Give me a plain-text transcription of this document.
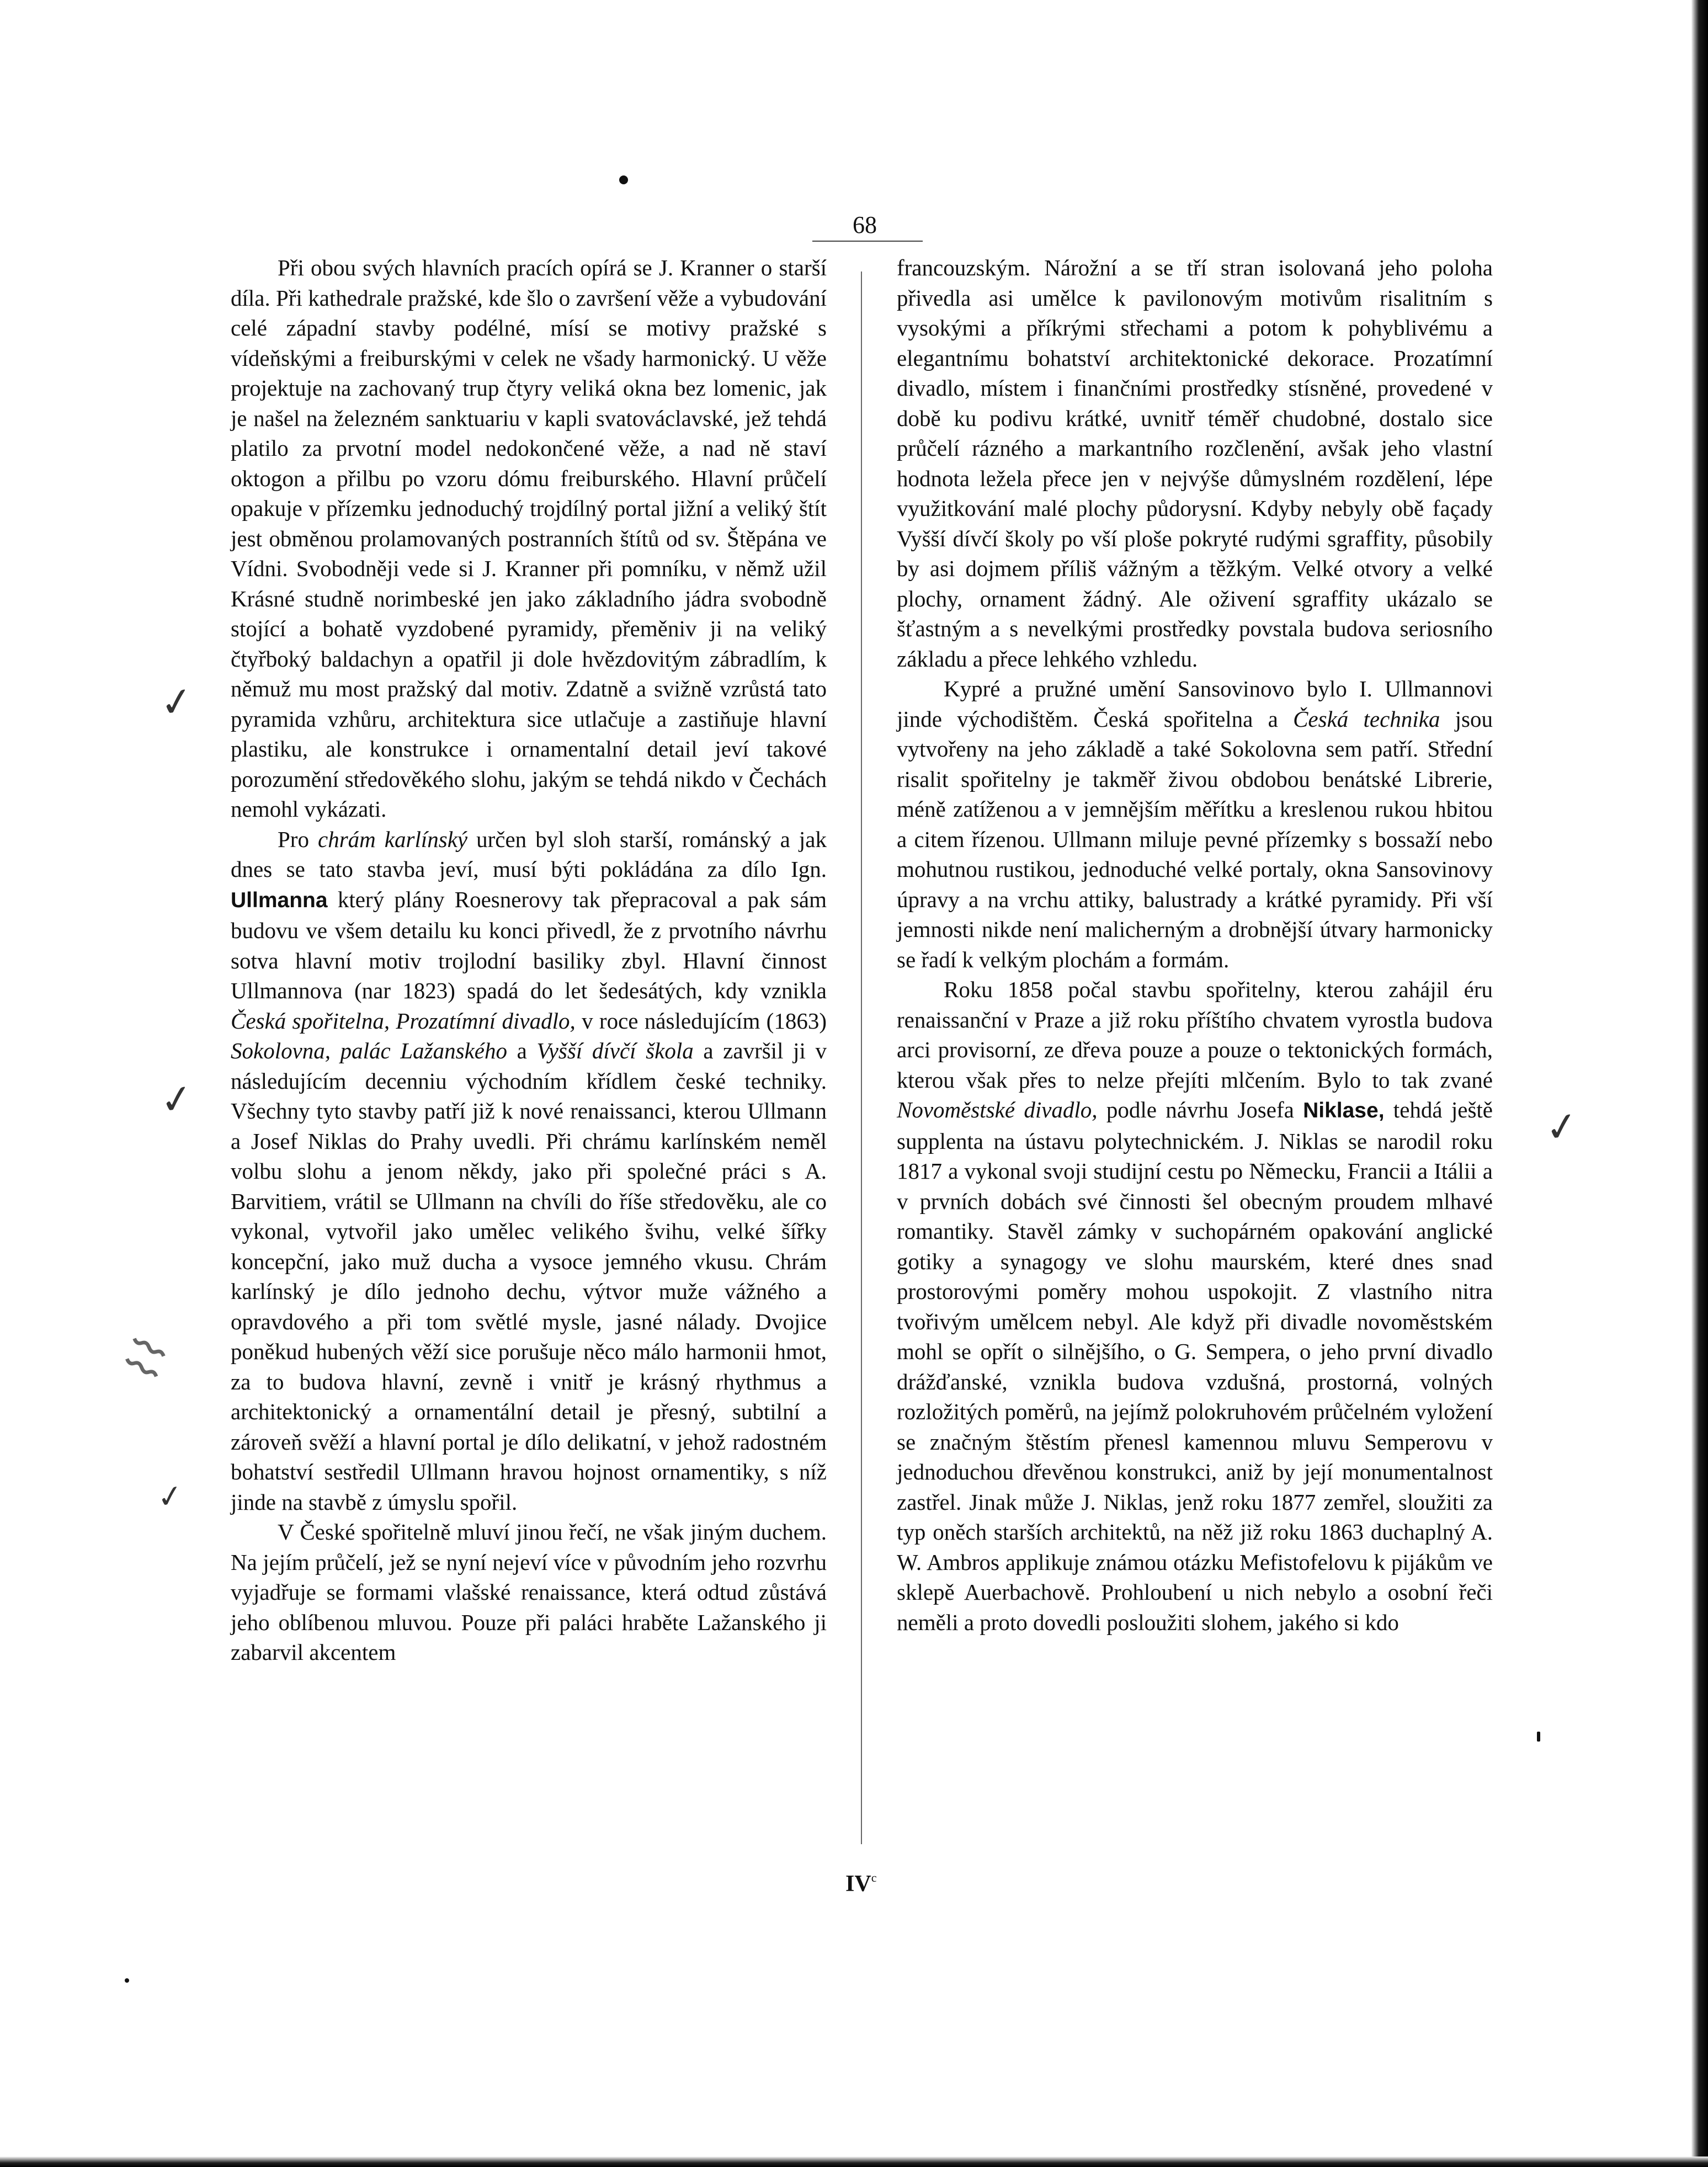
✓
✓
✓
✓
⌇⌇
68

Při obou svých hlavních pracích opírá se J. Kranner o starší díla. Při kathedrale pražské, kde šlo o završení věže a vybudování celé západní stavby podélné, mísí se motivy pražské s vídeňskými a freiburskými v celek ne všady harmonický. U věže projektuje na zachovaný trup čtyry veliká okna bez lomenic, jak je našel na železném sanktuariu v kapli svatováclavské, jež tehdá platilo za prvotní model nedokončené věže, a nad ně staví oktogon a přilbu po vzoru dómu freiburského. Hlavní průčelí opakuje v přízemku jednoduchý trojdílný portal jižní a veliký štít jest obměnou prolamovaných postranních štítů od sv. Štěpána ve Vídni. Svobodněji vede si J. Kranner při pomníku, v němž užil Krásné studně norimbeské jen jako základního jádra svobodně stojící a bohatě vyzdobené pyramidy, přeměniv ji na veliký čtyřboký baldachyn a opatřil ji dole hvězdovitým zábradlím, k němuž mu most pražský dal motiv. Zdatně a svižně vzrůstá tato pyramida vzhůru, architektura sice utlačuje a zastiňuje hlavní plastiku, ale konstrukce i ornamentalní detail jeví takové porozumění středověkého slohu, jakým se tehdá nikdo v Čechách nemohl vykázati.

Pro chrám karlínský určen byl sloh starší, románský a jak dnes se tato stavba jeví, musí býti pokládána za dílo Ign. Ullmanna který plány Roesnerovy tak přepracoval a pak sám budovu ve všem detailu ku konci přivedl, že z prvotního návrhu sotva hlavní motiv trojlodní basiliky zbyl. Hlavní činnost Ullmannova (nar 1823) spadá do let šedesátých, kdy vznikla Česká spořitelna, Prozatímní divadlo, v roce následujícím (1863) Sokolovna, palác Lažanského a Vyšší dívčí škola a završil ji v následujícím decenniu východním křídlem české techniky. Všechny tyto stavby patří již k nové renaissanci, kterou Ullmann a Josef Niklas do Prahy uvedli. Při chrámu karlínském neměl volbu slohu a jenom někdy, jako při společné práci s A. Barvitiem, vrátil se Ullmann na chvíli do říše středověku, ale co vykonal, vytvořil jako umělec velikého švihu, velké šířky koncepční, jako muž ducha a vysoce jemného vkusu. Chrám karlínský je dílo jednoho dechu, výtvor muže vážného a opravdového a při tom světlé mysle, jasné nálady. Dvojice poněkud hubených věží sice porušuje něco málo harmonii hmot, za to budova hlavní, zevně i vnitř je krásný rhythmus a architektonický a ornamentální detail je přesný, subtilní a zároveň svěží a hlavní portal je dílo delikatní, v jehož radostném bohatství sestředil Ullmann hravou hojnost ornamentiky, s níž jinde na stavbě z úmyslu spořil.

V České spořitelně mluví jinou řečí, ne však jiným duchem. Na jejím průčelí, jež se nyní nejeví více v původním jeho rozvrhu vyjadřuje se formami vlašské renaissance, která odtud zůstává jeho oblíbenou mluvou. Pouze při paláci hraběte Lažanského ji zabarvil akcentem

francouzským. Nárožní a se tří stran isolovaná jeho poloha přivedla asi umělce k pavilonovým motivům risalitním s vysokými a příkrými střechami a potom k pohyblivému a elegantnímu bohatství architektonické dekorace. Prozatímní divadlo, místem i finančními prostředky stísněné, provedené v době ku podivu krátké, uvnitř téměř chudobné, dostalo sice průčelí rázného a markantního rozčlenění, avšak jeho vlastní hodnota ležela přece jen v nejvýše důmyslném rozdělení, lépe využitkování malé plochy půdorysní. Kdyby nebyly obě façady Vyšší dívčí školy po vší ploše pokryté rudými sgraffity, působily by asi dojmem příliš vážným a těžkým. Velké otvory a velké plochy, ornament žádný. Ale oživení sgraffity ukázalo se šťastným a s nevelkými prostředky povstala budova seriosního základu a přece lehkého vzhledu.

Kypré a pružné umění Sansovinovo bylo I. Ullmannovi jinde východištěm. Česká spořitelna a Česká technika jsou vytvořeny na jeho základě a také Sokolovna sem patří. Střední risalit spořitelny je takměř živou obdobou benátské Librerie, méně zatíženou a v jemnějším měřítku a kreslenou rukou hbitou a citem řízenou. Ullmann miluje pevné přízemky s bossaží nebo mohutnou rustikou, jednoduché velké portaly, okna Sansovinovy úpravy a na vrchu attiky, balustrady a krátké pyramidy. Při vší jemnosti nikde není malicherným a drobnější útvary harmonicky se řadí k velkým plochám a formám.

Roku 1858 počal stavbu spořitelny, kterou zahájil éru renaissanční v Praze a již roku příštího chvatem vyrostla budova arci provisorní, ze dřeva pouze a pouze o tektonických formách, kterou však přes to nelze přejíti mlčením. Bylo to tak zvané Novoměstské divadlo, podle návrhu Josefa Niklase, tehdá ještě supplenta na ústavu polytechnickém. J. Niklas se narodil roku 1817 a vykonal svoji studijní cestu po Německu, Francii a Itálii a v prvních dobách své činnosti šel obecným proudem mlhavé romantiky. Stavěl zámky v suchopárném opakování anglické gotiky a synagogy ve slohu maurském, které dnes snad prostorovými poměry mohou uspokojit. Z vlastního nitra tvořivým umělcem nebyl. Ale když při divadle novoměstském mohl se opřít o silnějšího, o G. Sempera, o jeho první divadlo drážďanské, vznikla budova vzdušná, prostorná, volných rozložitých poměrů, na jejímž polokruhovém průčelném vyložení se značným štěstím přenesl kamennou mluvu Semperovu v jednoduchou dřevěnou konstrukci, aniž by její monumentalnost zastřel. Jinak může J. Niklas, jenž roku 1877 zemřel, sloužiti za typ oněch starších architektů, na něž již roku 1863 duchaplný A. W. Ambros applikuje známou otázku Mefistofelovu k pijákům ve sklepě Auerbachově. Prohloubení u nich nebylo a osobní řeči neměli a proto dovedli posloužiti slohem, jakého si kdo

$IV^c$
